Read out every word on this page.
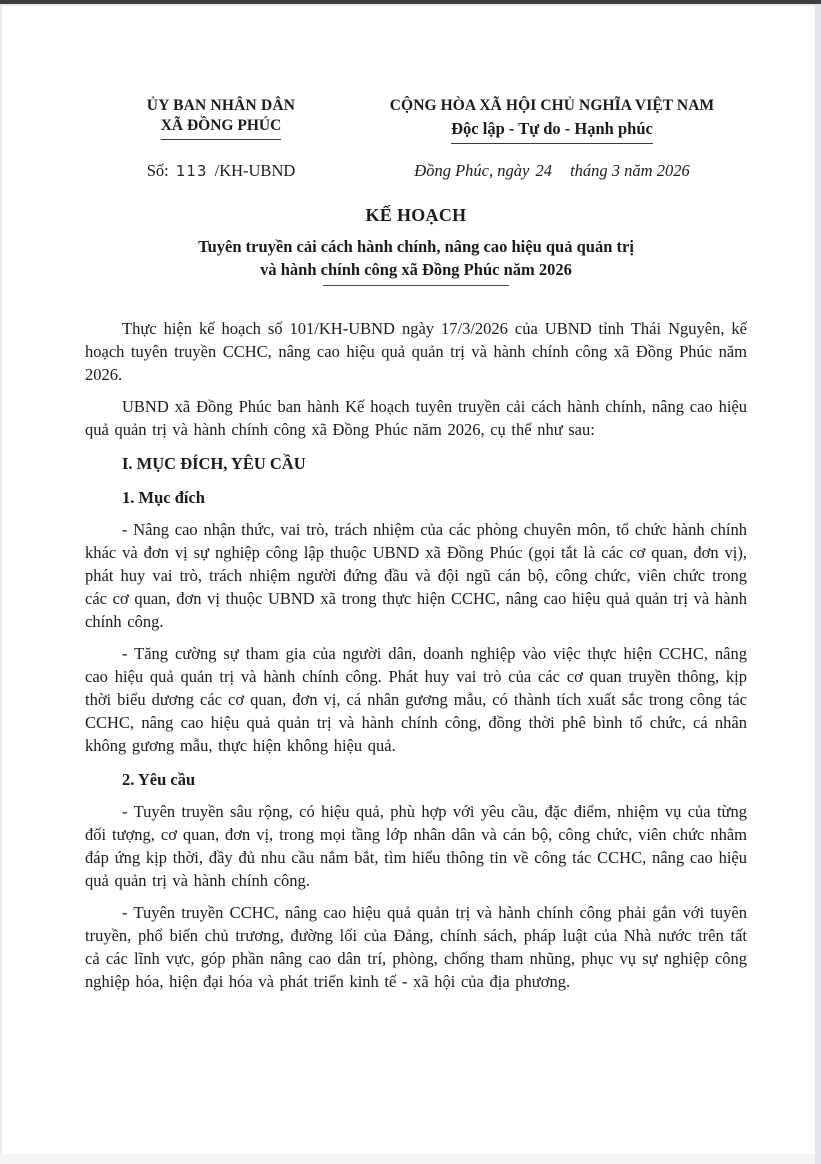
ỦY BAN NHÂN DÂN
XÃ ĐỒNG PHÚC
Số: 113 /KH-UBND
CỘNG HÒA XÃ HỘI CHỦ NGHĨA VIỆT NAM
Độc lập - Tự do - Hạnh phúc
Đồng Phúc, ngày 24 tháng 3 năm 2026
KẾ HOẠCH
Tuyên truyền cải cách hành chính, nâng cao hiệu quả quản trị
và hành chính công xã Đồng Phúc năm 2026

Thực hiện kế hoạch số 101/KH-UBND ngày 17/3/2026 của UBND tỉnh Thái Nguyên, kế hoạch tuyên truyền CCHC, nâng cao hiệu quả quản trị và hành chính công xã Đồng Phúc năm 2026.

UBND xã Đồng Phúc ban hành Kế hoạch tuyên truyền cải cách hành chính, nâng cao hiệu quả quản trị và hành chính công xã Đồng Phúc năm 2026, cụ thể như sau:

I. MỤC ĐÍCH, YÊU CẦU

1. Mục đích

- Nâng cao nhận thức, vai trò, trách nhiệm của các phòng chuyên môn, tổ chức hành chính khác và đơn vị sự nghiệp công lập thuộc UBND xã Đồng Phúc (gọi tắt là các cơ quan, đơn vị), phát huy vai trò, trách nhiệm người đứng đầu và đội ngũ cán bộ, công chức, viên chức trong các cơ quan, đơn vị thuộc UBND xã trong thực hiện CCHC, nâng cao hiệu quả quản trị và hành chính công.

- Tăng cường sự tham gia của người dân, doanh nghiệp vào việc thực hiện CCHC, nâng cao hiệu quả quản trị và hành chính công. Phát huy vai trò của các cơ quan truyền thông, kịp thời biểu dương các cơ quan, đơn vị, cá nhân gương mẫu, có thành tích xuất sắc trong công tác CCHC, nâng cao hiệu quả quản trị và hành chính công, đồng thời phê bình tổ chức, cá nhân không gương mẫu, thực hiện không hiệu quả.

2. Yêu cầu

- Tuyên truyền sâu rộng, có hiệu quả, phù hợp với yêu cầu, đặc điểm, nhiệm vụ của từng đối tượng, cơ quan, đơn vị, trong mọi tầng lớp nhân dân và cán bộ, công chức, viên chức nhằm đáp ứng kịp thời, đầy đủ nhu cầu nắm bắt, tìm hiểu thông tin về công tác CCHC, nâng cao hiệu quả quản trị và hành chính công.

- Tuyên truyền CCHC, nâng cao hiệu quả quản trị và hành chính công phải gắn với tuyên truyền, phổ biến chủ trương, đường lối của Đảng, chính sách, pháp luật của Nhà nước trên tất cả các lĩnh vực, góp phần nâng cao dân trí, phòng, chống tham nhũng, phục vụ sự nghiệp công nghiệp hóa, hiện đại hóa và phát triển kinh tế - xã hội của địa phương.
